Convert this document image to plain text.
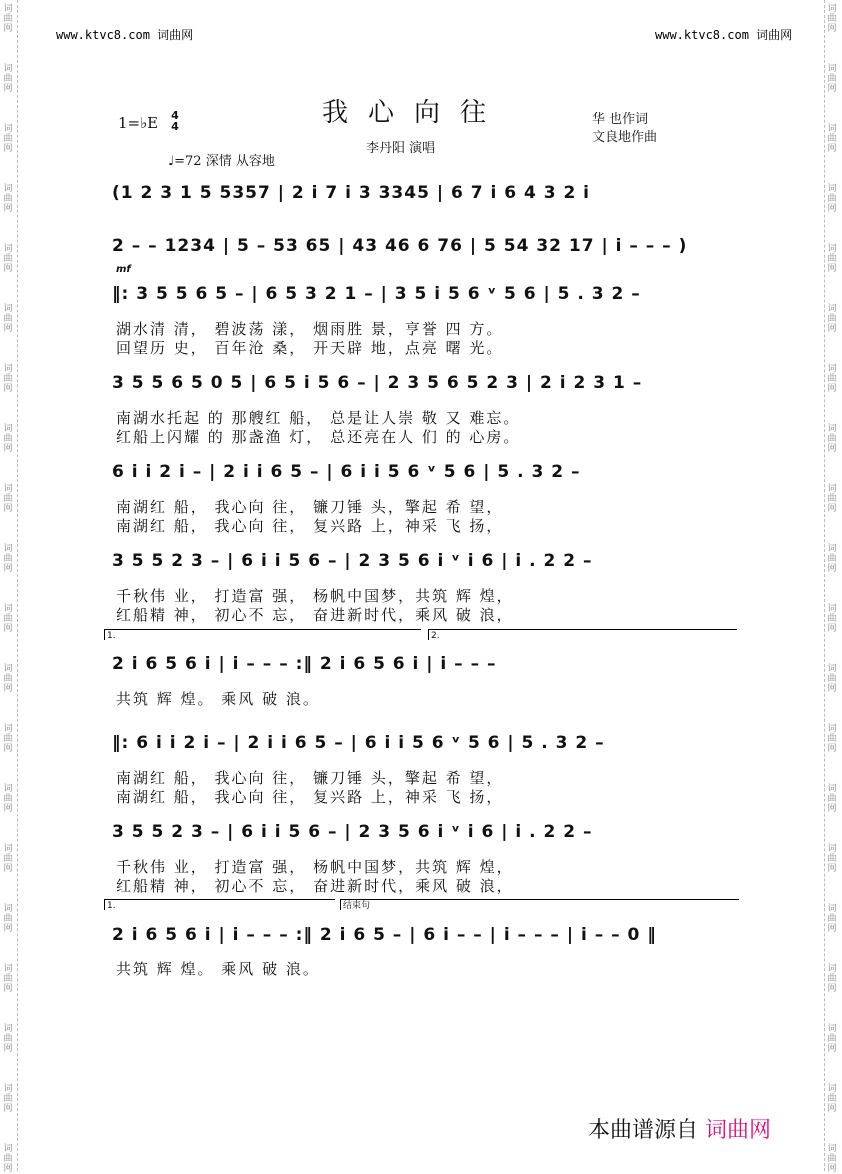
词
曲
网
词
曲
网
词
曲
网
词
曲
网
词
曲
网
词
曲
网
词
曲
网
词
曲
网
词
曲
网
词
曲
网
词
曲
网
词
曲
网
词
曲
网
词
曲
网
词
曲
网
词
曲
网
词
曲
网
词
曲
网
词
曲
网
词
曲
网
词
曲
网
词
曲
网
词
曲
网
词
曲
网
词
曲
网
词
曲
网
词
曲
网
词
曲
网
词
曲
网
词
曲
网
词
曲
网
词
曲
网
词
曲
网
词
曲
网
词
曲
网
词
曲
网
词
曲
网
词
曲
网
词
曲
网
词
曲
网
www.ktvc8.com 词曲网	www.ktvc8.com 词曲网
我心向往
1=♭E 4
4
李丹阳 演唱
华 也作词
文良地作曲
♩=72 深情 从容地
(1 2 3 1 5 5357 | 2 i 7 i 3 3345 | 6 7 i 6 4 3 2 i
2 – – 1234 | 5 – 53 65 | 43 46 6 76 | 5 54 32 17 | i – – – )
‖: 3 5 5 6 5 – | 6 5 3 2 1 – | 3 5 i 5 6 ᵛ 5 6 | 5 . 3 2 –
湖水清 清， 碧波荡 漾， 烟雨胜 景，亨誉 四 方。
回望历 史， 百年沧 桑， 开天辟 地，点亮 曙 光。
3 5 5 6 5 0 5 | 6 5 i 5 6 – | 2 3 5 6 5 2 3 | 2 i 2 3 1 –
南湖水托起 的 那艘红 船， 总是让人崇 敬 又 难忘。
红船上闪耀 的 那盏渔 灯， 总还亮在人 们 的 心房。
6 i i 2 i – | 2 i i 6 5 – | 6 i i 5 6 ᵛ 5 6 | 5 . 3 2 –
南湖红 船， 我心向 往， 镰刀锤 头，擎起 希 望，
南湖红 船， 我心向 往， 复兴路 上，神采 飞 扬，
3 5 5 2 3 – | 6 i i 5 6 – | 2 3 5 6 i ᵛ i 6 | i . 2 2 –
千秋伟 业， 打造富 强， 杨帆中国梦，共筑 辉 煌，
红船精 神， 初心不 忘， 奋进新时代，乘风 破 浪，
2 i 6 5 6 i | i – – – :‖ 2 i 6 5 6 i | i – – –
共筑 辉 煌。 乘风 破 浪。
‖: 6 i i 2 i – | 2 i i 6 5 – | 6 i i 5 6 ᵛ 5 6 | 5 . 3 2 –
南湖红 船， 我心向 往， 镰刀锤 头，擎起 希 望，
南湖红 船， 我心向 往， 复兴路 上，神采 飞 扬，
3 5 5 2 3 – | 6 i i 5 6 – | 2 3 5 6 i ᵛ i 6 | i . 2 2 –
千秋伟 业， 打造富 强， 杨帆中国梦，共筑 辉 煌，
红船精 神， 初心不 忘， 奋进新时代，乘风 破 浪，
2 i 6 5 6 i | i – – – :‖ 2 i 6 5 – | 6 i – – | i – – – | i – – 0 ‖
共筑 辉 煌。 乘风 破 浪。
1.	2.
1.	结束句
mf
本曲谱源自 词曲网
